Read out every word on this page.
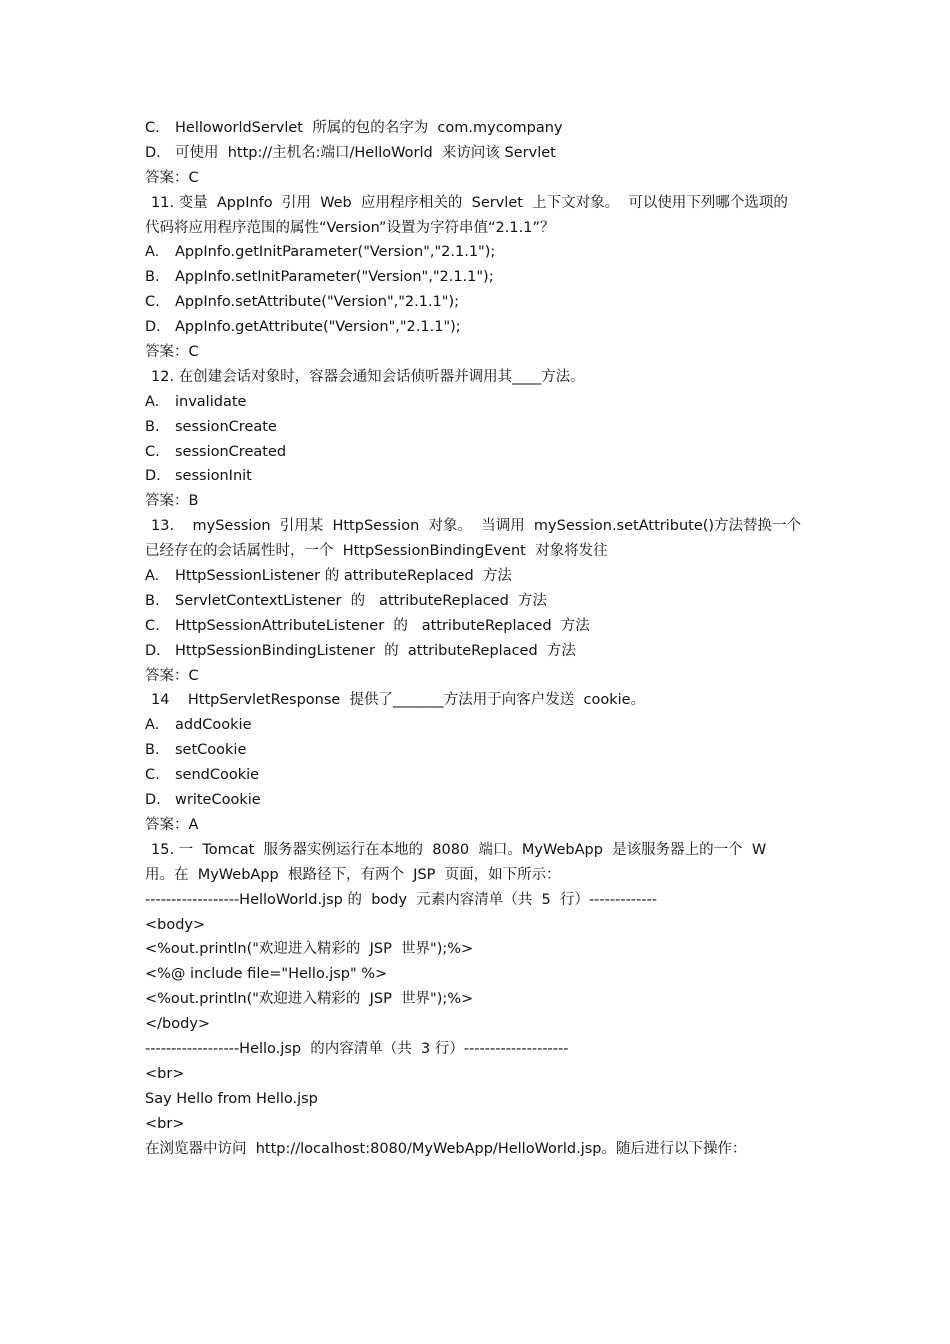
C. HelloworldServlet  所属的包的名字为  com.mycompany
D. 可使用  http://主机名:端口/HelloWorld  来访问该 Servlet
答案：C
11. 变量  AppInfo  引用  Web  应用程序相关的  Servlet  上下文对象。  可以使用下列哪个选项的
代码将应用程序范围的属性“Version”设置为字符串值“2.1.1”？
A. AppInfo.getInitParameter("Version","2.1.1");
B. AppInfo.setInitParameter("Version","2.1.1");
C. AppInfo.setAttribute("Version","2.1.1");
D. AppInfo.getAttribute("Version","2.1.1");
答案：C
12. 在创建会话对象时，容器会通知会话侦听器并调用其____方法。
A. invalidate
B. sessionCreate
C. sessionCreated
D. sessionInit
答案：B
13.    mySession  引用某  HttpSession  对象。  当调用  mySession.setAttribute()方法替换一个
已经存在的会话属性时，一个  HttpSessionBindingEvent  对象将发往
A. HttpSessionListener 的 attributeReplaced  方法
B. ServletContextListener  的   attributeReplaced  方法
C. HttpSessionAttributeListener  的   attributeReplaced  方法
D. HttpSessionBindingListener  的  attributeReplaced  方法
答案：C
14    HttpServletResponse  提供了_______方法用于向客户发送  cookie。
A. addCookie
B. setCookie
C. sendCookie
D. writeCookie
答案：A
15. 一  Tomcat  服务器实例运行在本地的  8080  端口。MyWebApp  是该服务器上的一个  W
用。在  MyWebApp  根路径下，有两个  JSP  页面，如下所示：
------------------HelloWorld.jsp 的  body  元素内容清单（共  5  行）-------------
<body>
<%out.println("欢迎进入精彩的  JSP  世界");%>
<%@ include file="Hello.jsp" %>
<%out.println("欢迎进入精彩的  JSP  世界");%>
</body>
------------------Hello.jsp  的内容清单（共  3 行）--------------------
<br>
Say Hello from Hello.jsp
<br>
在浏览器中访问  http://localhost:8080/MyWebApp/HelloWorld.jsp。随后进行以下操作：
